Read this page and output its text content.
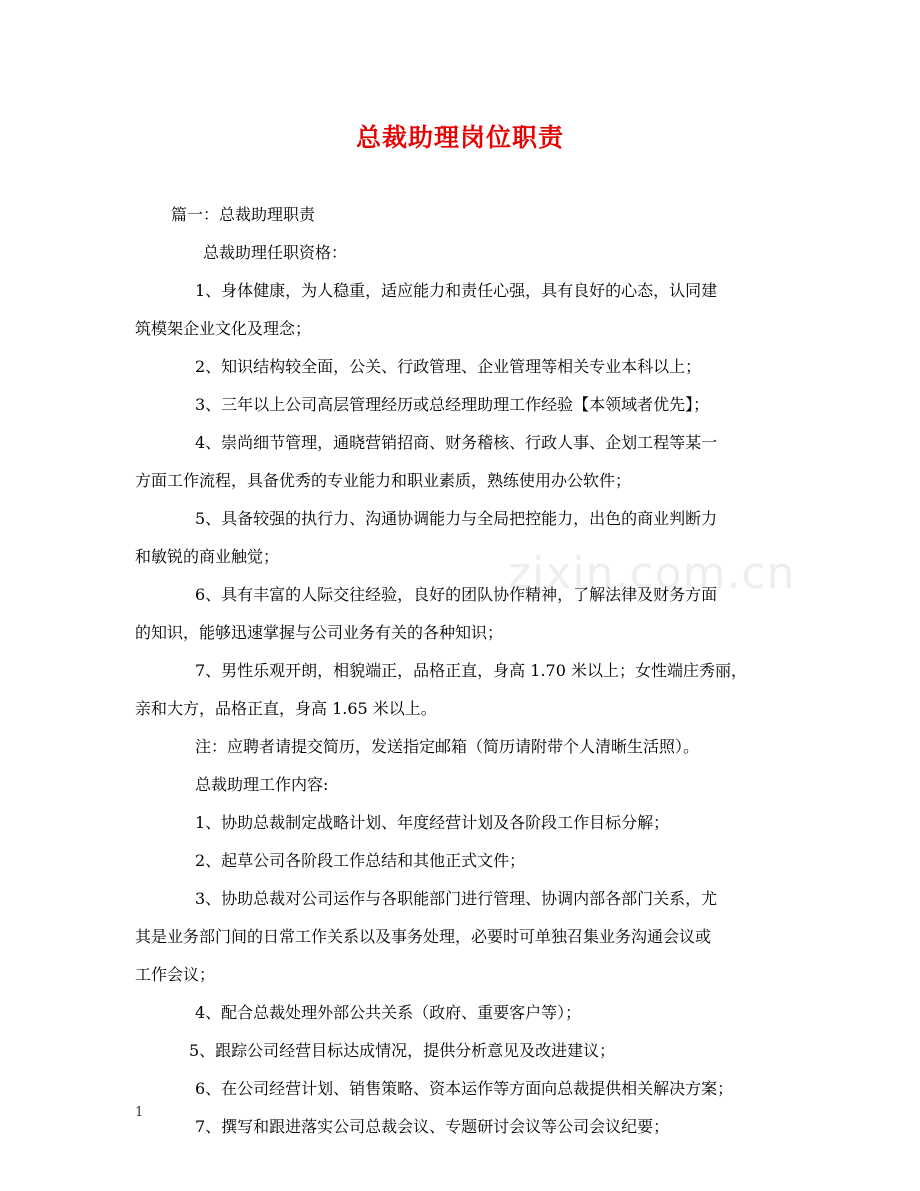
总裁助理岗位职责

篇一：总裁助理职责

总裁助理任职资格：

1、身体健康，为人稳重，适应能力和责任心强，具有良好的心态，认同建

筑模架企业文化及理念；

2、知识结构较全面，公关、行政管理、企业管理等相关专业本科以上；

3、三年以上公司高层管理经历或总经理助理工作经验【本领域者优先】；

4、崇尚细节管理，通晓营销招商、财务稽核、行政人事、企划工程等某一

方面工作流程，具备优秀的专业能力和职业素质，熟练使用办公软件；

5、具备较强的执行力、沟通协调能力与全局把控能力，出色的商业判断力

和敏锐的商业触觉；

6、具有丰富的人际交往经验，良好的团队协作精神，了解法律及财务方面

的知识，能够迅速掌握与公司业务有关的各种知识；

7、男性乐观开朗，相貌端正，品格正直，身高 1.70 米以上；女性端庄秀丽，

亲和大方，品格正直，身高 1.65 米以上。

注：应聘者请提交简历，发送指定邮箱（简历请附带个人清晰生活照）。

总裁助理工作内容:

1、协助总裁制定战略计划、年度经营计划及各阶段工作目标分解；

2、起草公司各阶段工作总结和其他正式文件；

3、协助总裁对公司运作与各职能部门进行管理、协调内部各部门关系，尤

其是业务部门间的日常工作关系以及事务处理，必要时可单独召集业务沟通会议或

工作会议；

4、配合总裁处理外部公共关系（政府、重要客户等）；

5、跟踪公司经营目标达成情况，提供分析意见及改进建议；

6、在公司经营计划、销售策略、资本运作等方面向总裁提供相关解决方案；

7、撰写和跟进落实公司总裁会议、专题研讨会议等公司会议纪要；

zixin.com.cn
1
